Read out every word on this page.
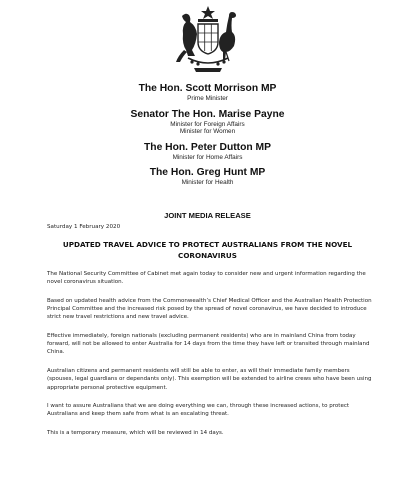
The Hon. Scott Morrison MP
Prime Minister
Senator The Hon. Marise Payne
Minister for Foreign Affairs
Minister for Women
The Hon. Peter Dutton MP
Minister for Home Affairs
The Hon. Greg Hunt MP
Minister for Health
JOINT MEDIA RELEASE
Saturday 1 February 2020
UPDATED TRAVEL ADVICE TO PROTECT AUSTRALIANS FROM THE NOVEL CORONAVIRUS

The National Security Committee of Cabinet met again today to consider new and urgent information regarding the novel coronavirus situation.

Based on updated health advice from the Commonwealth’s Chief Medical Officer and the Australian Health Protection Principal Committee and the increased risk posed by the spread of novel coronavirus, we have decided to introduce strict new travel restrictions and new travel advice.

Effective immediately, foreign nationals (excluding permanent residents) who are in mainland China from today forward, will not be allowed to enter Australia for 14 days from the time they have left or transited through mainland China.

Australian citizens and permanent residents will still be able to enter, as will their immediate family members (spouses, legal guardians or dependants only). This exemption will be extended to airline crews who have been using appropriate personal protective equipment.

I want to assure Australians that we are doing everything we can, through these increased actions, to protect Australians and keep them safe from what is an escalating threat.

This is a temporary measure, which will be reviewed in 14 days.
